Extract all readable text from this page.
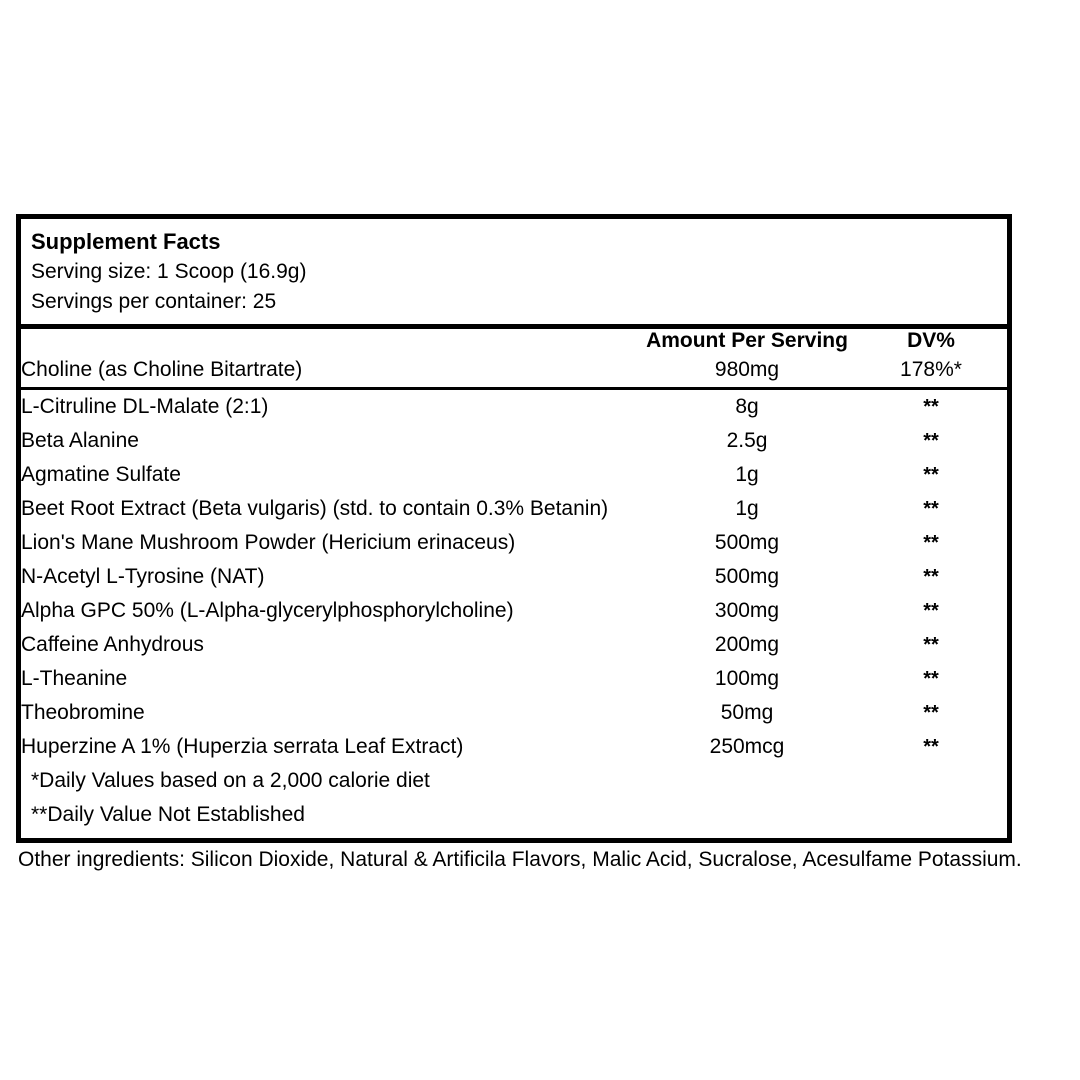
Supplement Facts
Serving size: 1 Scoop (16.9g)
Servings per container: 25
	Amount Per Serving	DV%
Choline (as Choline Bitartrate)	980mg	178%*
L-Citruline DL-Malate (2:1)	8g	**
Beta Alanine	2.5g	**
Agmatine Sulfate	1g	**
Beet Root Extract (Beta vulgaris) (std. to contain 0.3% Betanin)	1g	**
Lion's Mane Mushroom Powder (Hericium erinaceus)	500mg	**
N-Acetyl L-Tyrosine (NAT)	500mg	**
Alpha GPC 50% (L-Alpha-glycerylphosphorylcholine)	300mg	**
Caffeine Anhydrous	200mg	**
L-Theanine	100mg	**
Theobromine	50mg	**
Huperzine A 1% (Huperzia serrata Leaf Extract)	250mcg	**
*Daily Values based on a 2,000 calorie diet
**Daily Value Not Established
Other ingredients: Silicon Dioxide, Natural & Artificila Flavors, Malic Acid, Sucralose, Acesulfame Potassium.
